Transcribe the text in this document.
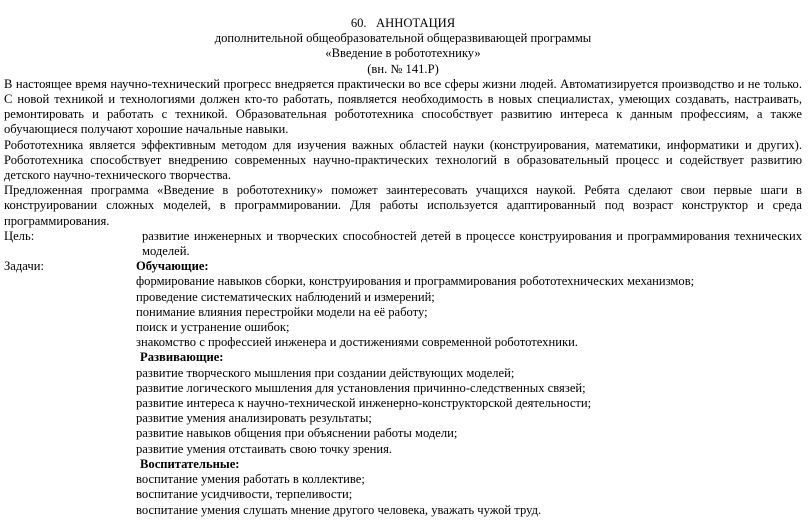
60. АННОТАЦИЯ
дополнительной общеобразовательной общеразвивающей программы
«Введение в робототехнику»
(вн. № 141.Р)
В настоящее время научно-технический прогресс внедряется практически во все сферы жизни людей. Автоматизируется производство и не только. С новой техникой и технологиями должен кто-то работать, появляется необходимость в новых специалистах, умеющих создавать, настраивать, ремонтировать и работать с техникой. Образовательная робототехника способствует развитию интереса к данным профессиям, а также обучающиеся получают хорошие начальные навыки.
Робототехника является эффективным методом для изучения важных областей науки (конструирования, математики, информатики и других). Робототехника способствует внедрению современных научно-практических технологий в образовательный процесс и содействует развитию детского научно-технического творчества.
Предложенная программа «Введение в робототехнику» поможет заинтересовать учащихся наукой. Ребята сделают свои первые шаги в конструировании сложных моделей, в программировании. Для работы используется адаптированный под возраст конструктор и среда программирования.
Цель:	развитие инженерных и творческих способностей детей в процессе конструирования и программирования технических моделей.
Задачи:	Обучающие:
формирование навыков сборки, конструирования и программирования робототехнических механизмов;
проведение систематических наблюдений и измерений;
понимание влияния перестройки модели на её работу;
поиск и устранение ошибок;
знакомство с профессией инженера и достижениями современной робототехники.
Развивающие:
развитие творческого мышления при создании действующих моделей;
развитие логического мышления для установления причинно-следственных связей;
развитие интереса к научно-технической инженерно-конструкторской деятельности;
развитие умения анализировать результаты;
развитие навыков общения при объяснении работы модели;
развитие умения отстаивать свою точку зрения.
Воспитательные:
воспитание умения работать в коллективе;
воспитание усидчивости, терпеливости;
воспитание умения слушать мнение другого человека, уважать чужой труд.
